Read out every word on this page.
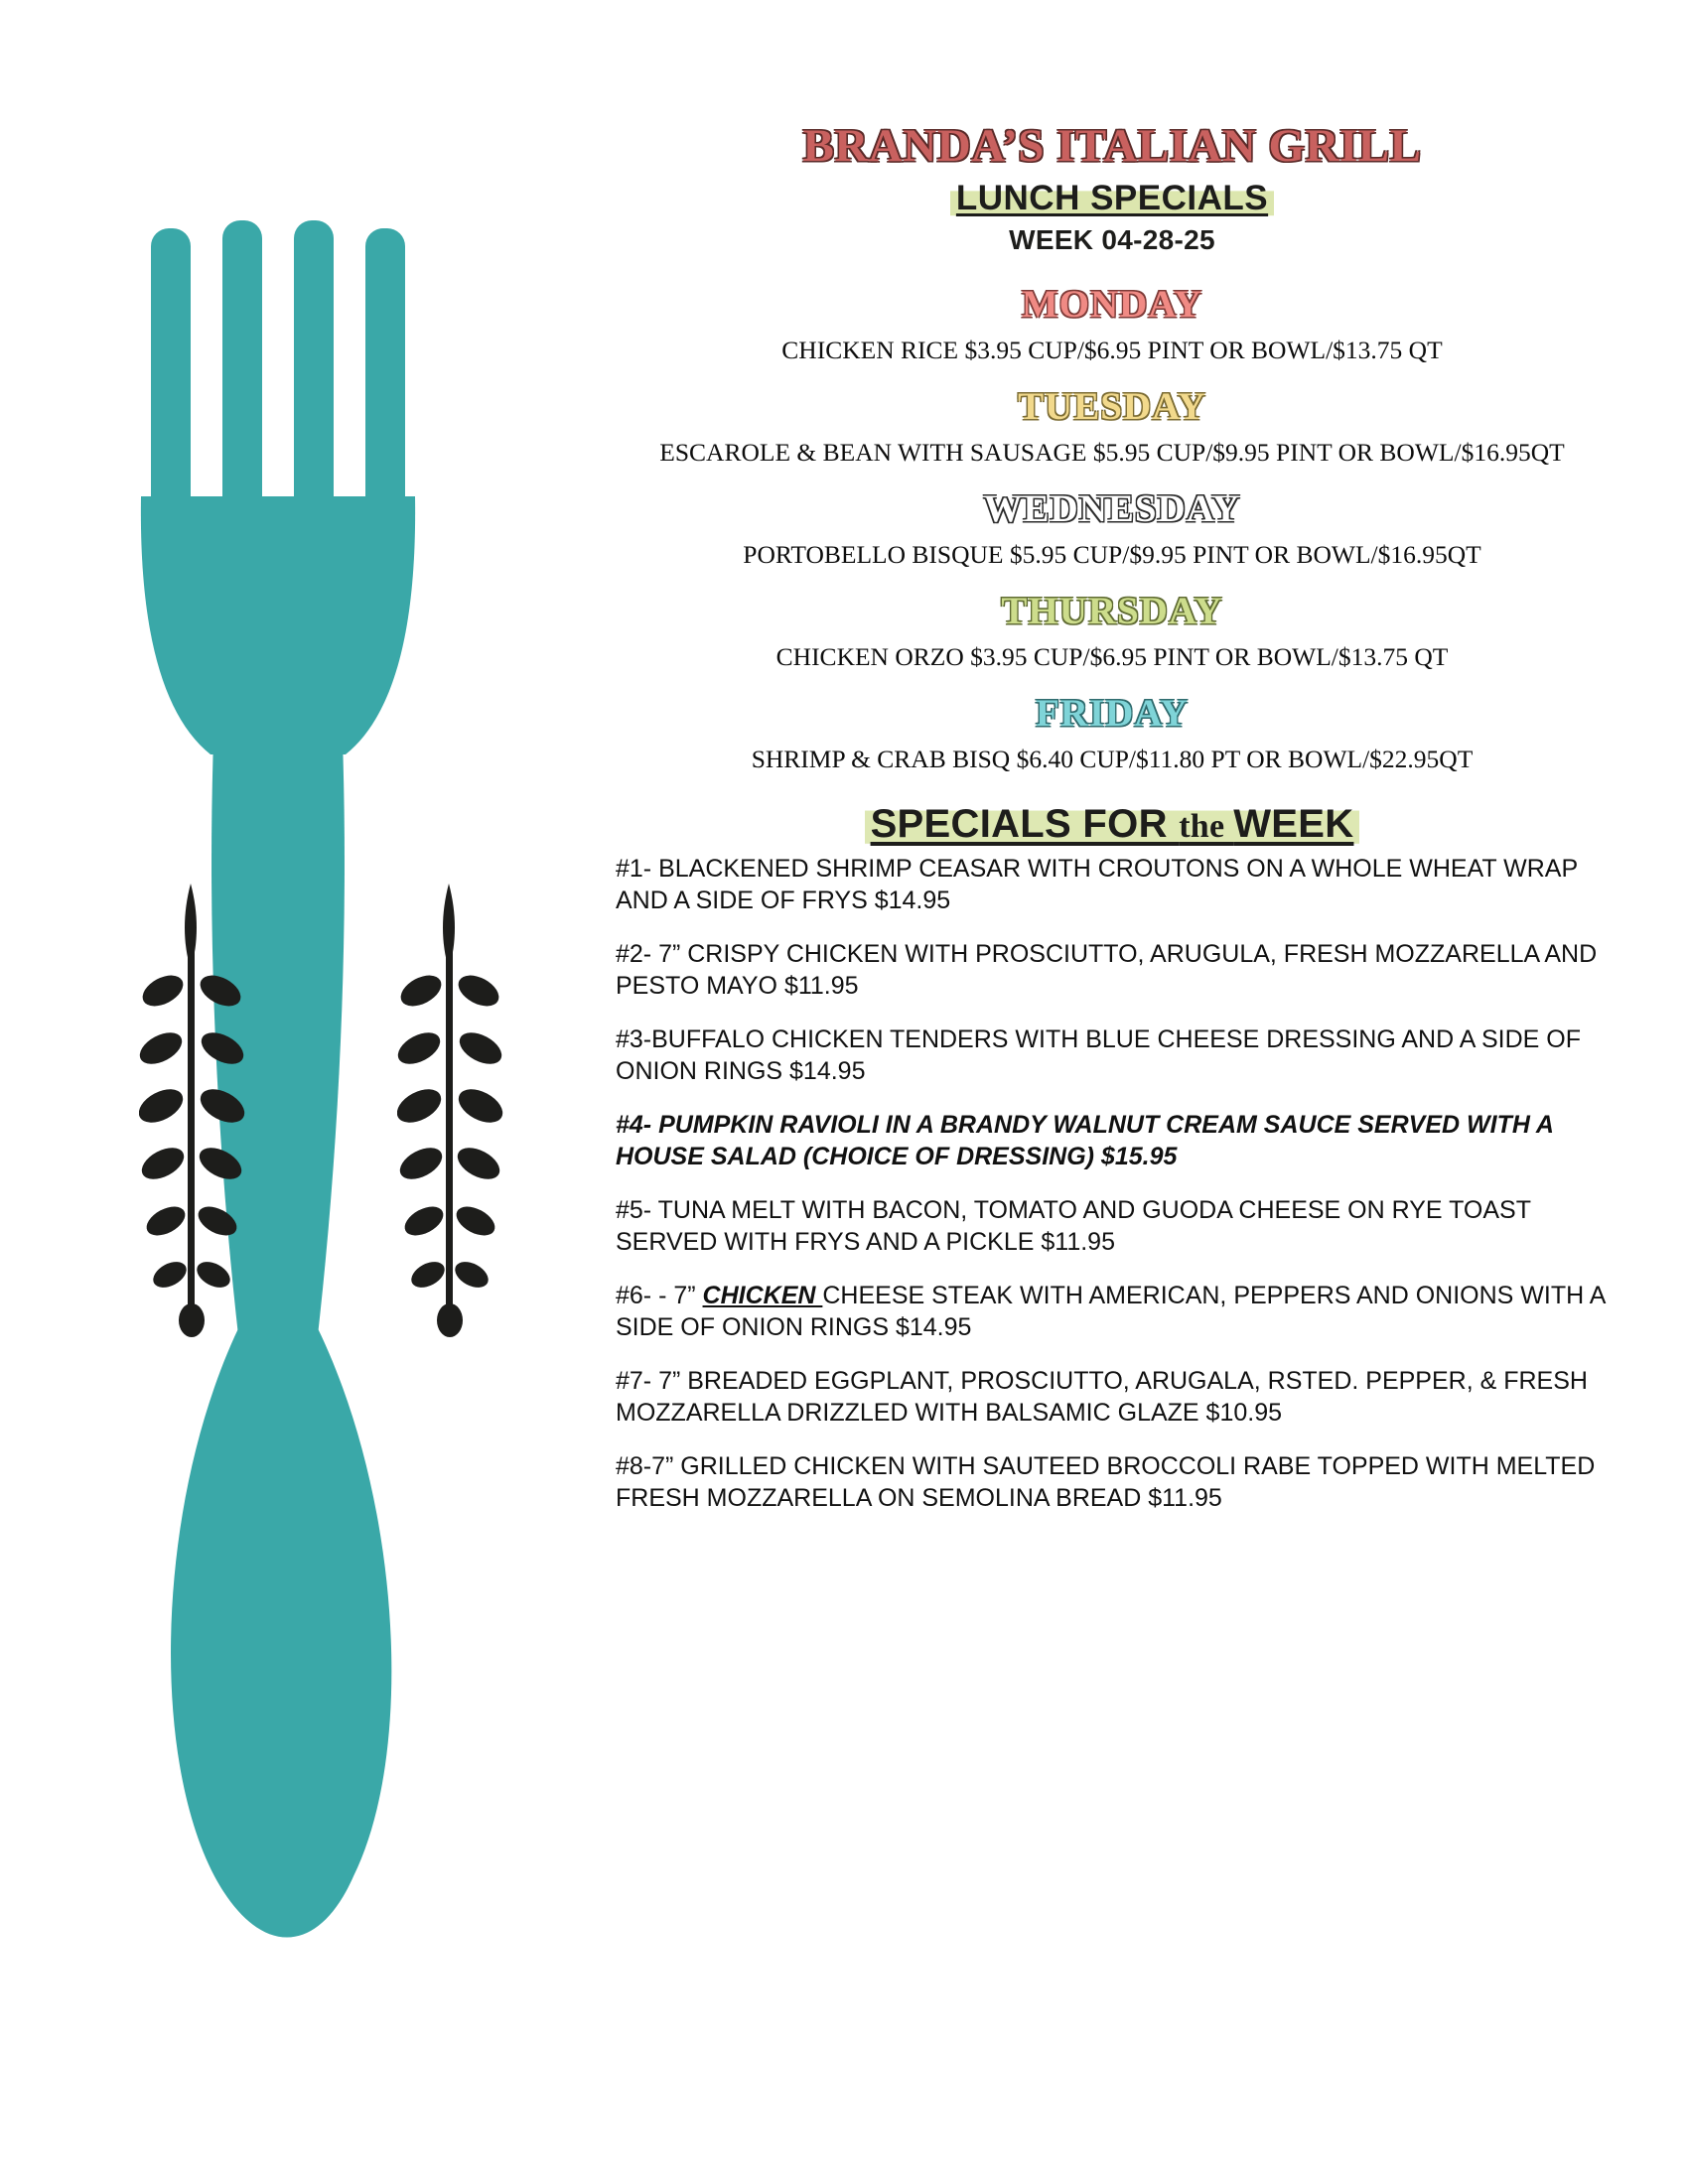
BRANDA’S ITALIAN GRILL
LUNCH SPECIALS
WEEK 04-28-25
MONDAY
CHICKEN RICE $3.95 CUP/$6.95 PINT OR BOWL/$13.75 QT
TUESDAY
ESCAROLE & BEAN WITH SAUSAGE $5.95 CUP/$9.95 PINT OR BOWL/$16.95QT
WEDNESDAY
PORTOBELLO BISQUE $5.95 CUP/$9.95 PINT OR BOWL/$16.95QT
THURSDAY
CHICKEN ORZO $3.95 CUP/$6.95 PINT OR BOWL/$13.75 QT
FRIDAY
SHRIMP & CRAB BISQ $6.40 CUP/$11.80 PT OR BOWL/$22.95QT
SPECIALS FOR the WEEK

#1- BLACKENED SHRIMP CEASAR WITH CROUTONS ON A WHOLE WHEAT WRAP AND A SIDE OF FRYS $14.95

#2- 7” CRISPY CHICKEN WITH PROSCIUTTO, ARUGULA, FRESH MOZZARELLA AND PESTO MAYO $11.95

#3-BUFFALO CHICKEN TENDERS WITH BLUE CHEESE DRESSING AND A SIDE OF ONION RINGS $14.95

#4- PUMPKIN RAVIOLI IN A BRANDY WALNUT CREAM SAUCE SERVED WITH A HOUSE SALAD (CHOICE OF DRESSING) $15.95

#5- TUNA MELT WITH BACON, TOMATO AND GUODA CHEESE ON RYE TOAST SERVED WITH FRYS AND A PICKLE $11.95

#6- - 7” CHICKEN CHEESE STEAK WITH AMERICAN, PEPPERS AND ONIONS WITH A SIDE OF ONION RINGS $14.95

#7- 7” BREADED EGGPLANT, PROSCIUTTO, ARUGALA, RSTED. PEPPER, & FRESH MOZZARELLA DRIZZLED WITH BALSAMIC GLAZE $10.95

#8-7” GRILLED CHICKEN WITH SAUTEED BROCCOLI RABE TOPPED WITH MELTED FRESH MOZZARELLA ON SEMOLINA BREAD $11.95
